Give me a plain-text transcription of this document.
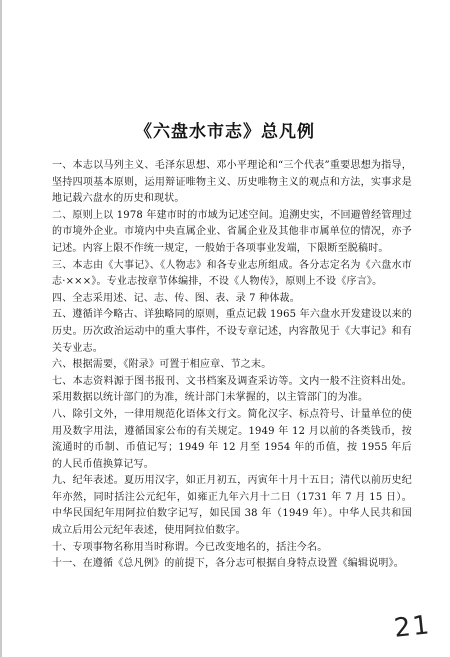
《六盘水市志》总凡例

一、本志以马列主义、毛泽东思想、邓小平理论和“三个代表”重要思想为指导，坚持四项基本原则，运用辩证唯物主义、历史唯物主义的观点和方法，实事求是地记载六盘水的历史和现状。

二、原则上以 1978 年建市时的市域为记述空间。追溯史实，不回避曾经管理过的市境外企业。市境内中央直属企业、省属企业及其他非市属单位的情况，亦予记述。内容上限不作统一规定，一般始于各项事业发端，下限断至脱稿时。

三、本志由《大事记》、《人物志》和各专业志所组成。各分志定名为《六盘水市志·×××》。专业志按章节体编排，不设《人物传》，原则上不设《序言》。

四、全志采用述、记、志、传、图、表、录 7 种体裁。

五、遵循详今略古、详独略同的原则，重点记载 1965 年六盘水开发建设以来的历史。历次政治运动中的重大事件，不设专章记述，内容散见于《大事记》和有关专业志。

六、根据需要，《附录》可置于相应章、节之末。

七、本志资料源于图书报刊、文书档案及调查采访等。文内一般不注资料出处。采用数据以统计部门的为准，统计部门未掌握的，以主管部门的为准。

八、除引文外，一律用规范化语体文行文。简化汉字、标点符号、计量单位的使用及数字用法，遵循国家公布的有关规定。1949 年 12 月以前的各类钱币，按流通时的币制、币值记写；1949 年 12 月至 1954 年的币值，按 1955 年后的人民币值换算记写。

九、纪年表述。夏历用汉字，如正月初五，丙寅年十月十五日；清代以前历史纪年亦然，同时括注公元纪年，如雍正九年六月十二日（1731 年 7 月 15 日）。中华民国纪年用阿拉伯数字记写，如民国 38 年（1949 年）。中华人民共和国成立后用公元纪年表述，使用阿拉伯数字。

十、专项事物名称用当时称谓。今已改变地名的，括注今名。

十一、在遵循《总凡例》的前提下，各分志可根据自身特点设置《编辑说明》。

21
